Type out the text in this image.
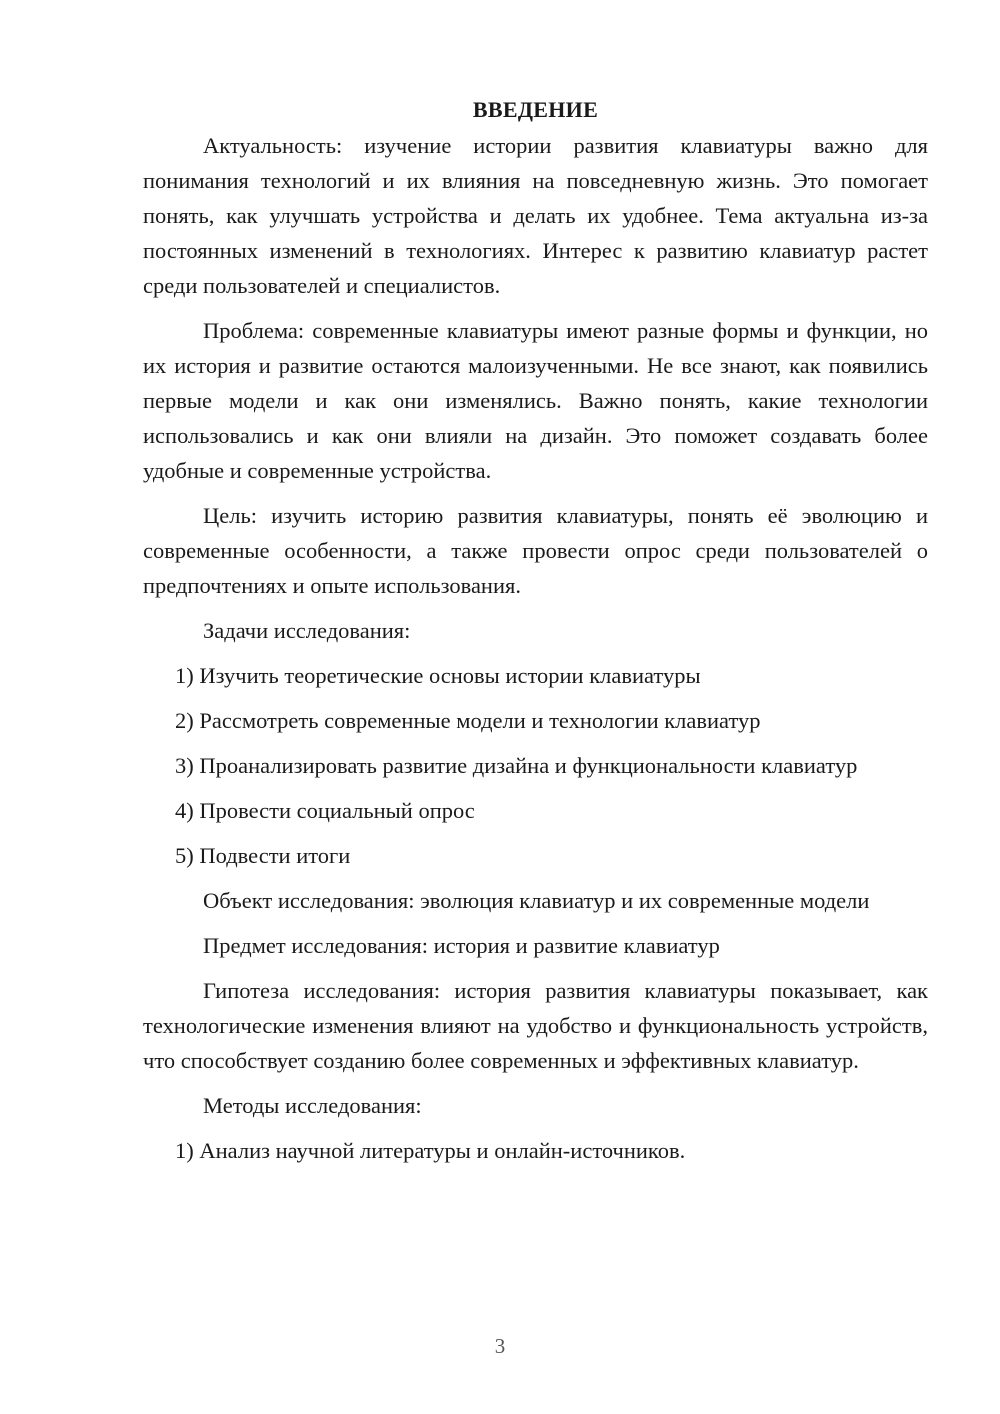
ВВЕДЕНИЕ

Актуальность: изучение истории развития клавиатуры важно для понимания технологий и их влияния на повседневную жизнь. Это помогает понять, как улучшать устройства и делать их удобнее. Тема актуальна из-за постоянных изменений в технологиях. Интерес к развитию клавиатур растет среди пользователей и специалистов.

Проблема: современные клавиатуры имеют разные формы и функции, но их история и развитие остаются малоизученными. Не все знают, как появились первые модели и как они изменялись. Важно понять, какие технологии использовались и как они влияли на дизайн. Это поможет создавать более удобные и современные устройства.

Цель: изучить историю развития клавиатуры, понять её эволюцию и современные особенности, а также провести опрос среди пользователей о предпочтениях и опыте использования.

Задачи исследования:

1) Изучить теоретические основы истории клавиатуры

2) Рассмотреть современные модели и технологии клавиатур

3) Проанализировать развитие дизайна и функциональности клавиатур

4) Провести социальный опрос

5) Подвести итоги

Объект исследования: эволюция клавиатур и их современные модели

Предмет исследования: история и развитие клавиатур

Гипотеза исследования: история развития клавиатуры показывает, как технологические изменения влияют на удобство и функциональность устройств, что способствует созданию более современных и эффективных клавиатур.

Методы исследования:

1) Анализ научной литературы и онлайн-источников.

3
